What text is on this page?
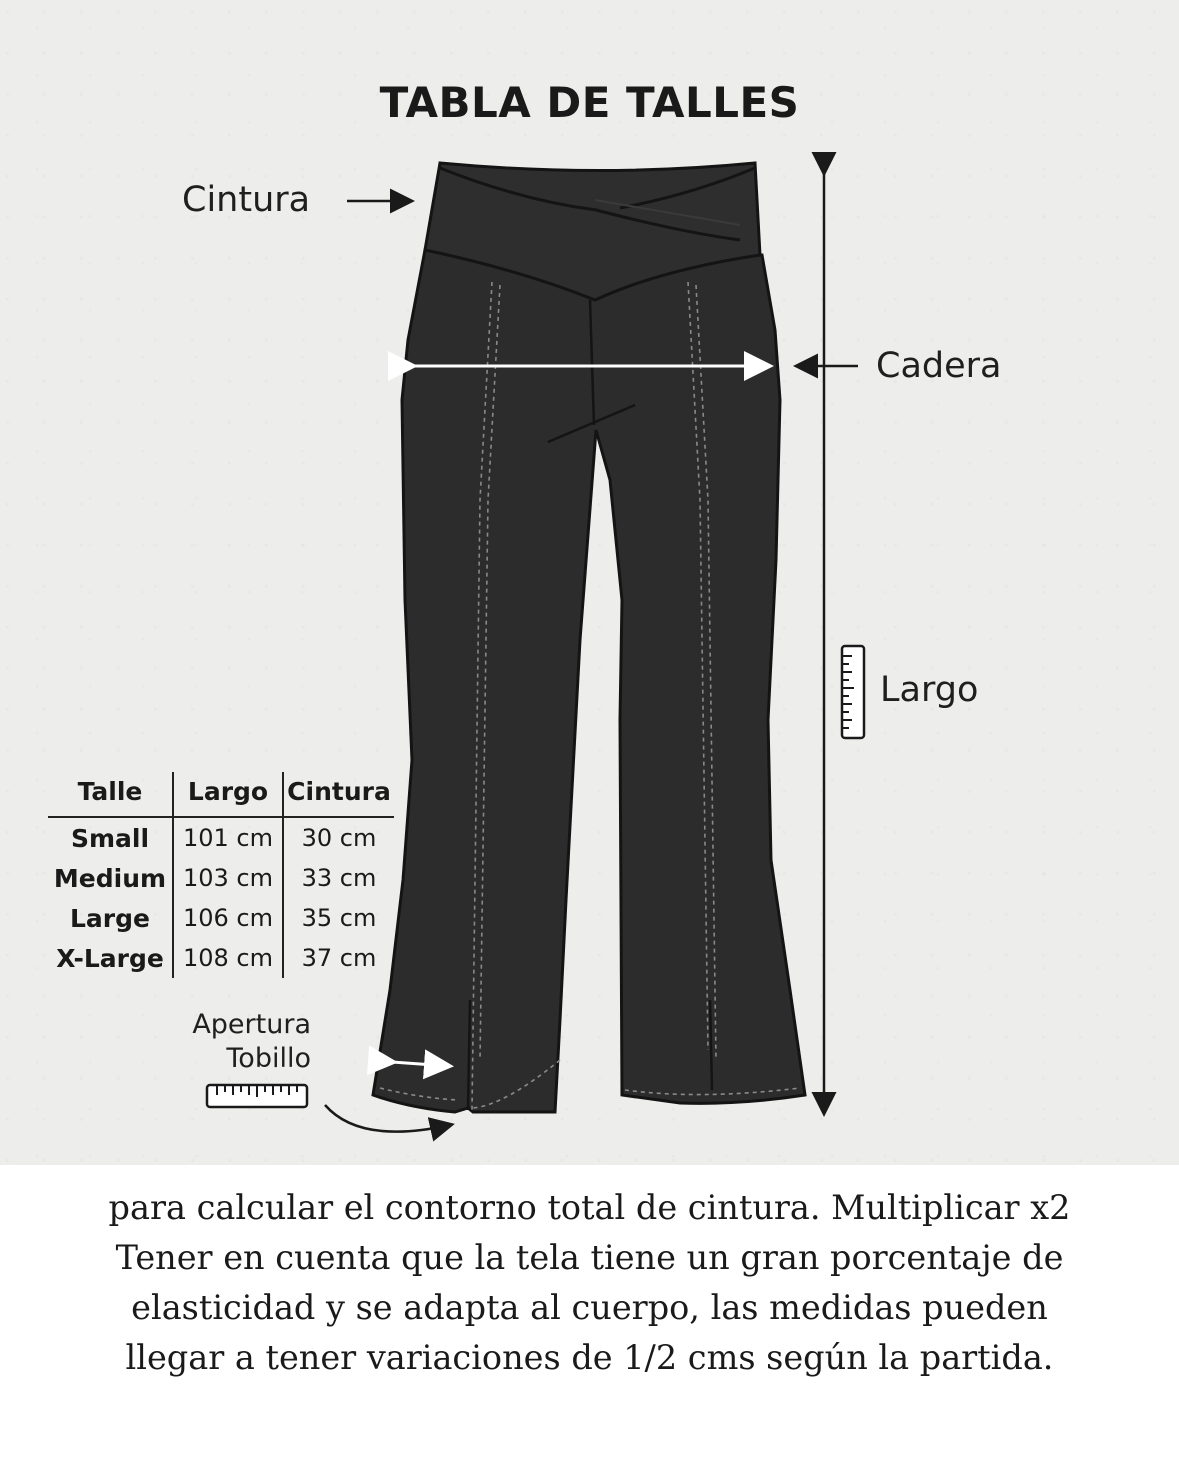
TABLA DE TALLES
Cintura
Cadera
Largo
Apertura
Tobillo
Talle	Largo	Cintura
Small	101 cm	30 cm
Medium	103 cm	33 cm
Large	106 cm	35 cm
X-Large	108 cm	37 cm
para calcular el contorno total de cintura. Multiplicar x2
Tener en cuenta que la tela tiene un gran porcentaje de
elasticidad y se adapta al cuerpo, las medidas pueden
llegar a tener variaciones de 1/2 cms según la partida.
